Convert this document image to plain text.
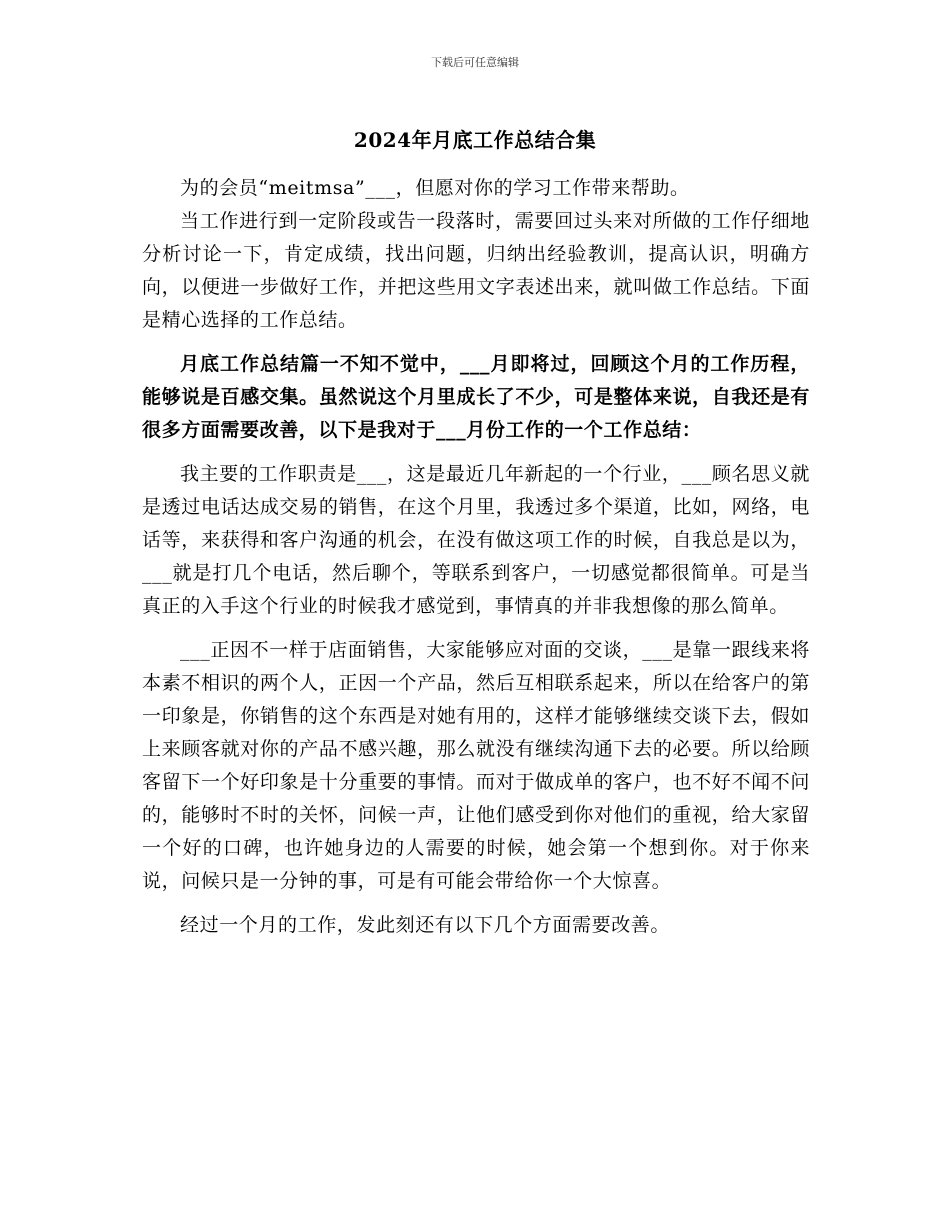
下载后可任意编辑
2024年月底工作总结合集

为的会员“meitmsa”___，但愿对你的学习工作带来帮助。

当工作进行到一定阶段或告一段落时，需要回过头来对所做的工作仔细地分析讨论一下，肯定成绩，找出问题，归纳出经验教训，提高认识，明确方向，以便进一步做好工作，并把这些用文字表述出来，就叫做工作总结。下面是精心选择的工作总结。

月底工作总结篇一不知不觉中，___月即将过，回顾这个月的工作历程，能够说是百感交集。虽然说这个月里成长了不少，可是整体来说，自我还是有很多方面需要改善，以下是我对于___月份工作的一个工作总结：

我主要的工作职责是___，这是最近几年新起的一个行业，___顾名思义就是透过电话达成交易的销售，在这个月里，我透过多个渠道，比如，网络，电话等，来获得和客户沟通的机会，在没有做这项工作的时候，自我总是以为，___就是打几个电话，然后聊个，等联系到客户，一切感觉都很简单。可是当真正的入手这个行业的时候我才感觉到，事情真的并非我想像的那么简单。

___正因不一样于店面销售，大家能够应对面的交谈，___是靠一跟线来将本素不相识的两个人，正因一个产品，然后互相联系起来，所以在给客户的第一印象是，你销售的这个东西是对她有用的，这样才能够继续交谈下去，假如上来顾客就对你的产品不感兴趣，那么就没有继续沟通下去的必要。所以给顾客留下一个好印象是十分重要的事情。而对于做成单的客户，也不好不闻不问的，能够时不时的关怀，问候一声，让他们感受到你对他们的重视，给大家留一个好的口碑，也许她身边的人需要的时候，她会第一个想到你。对于你来说，问候只是一分钟的事，可是有可能会带给你一个大惊喜。

经过一个月的工作，发此刻还有以下几个方面需要改善。
